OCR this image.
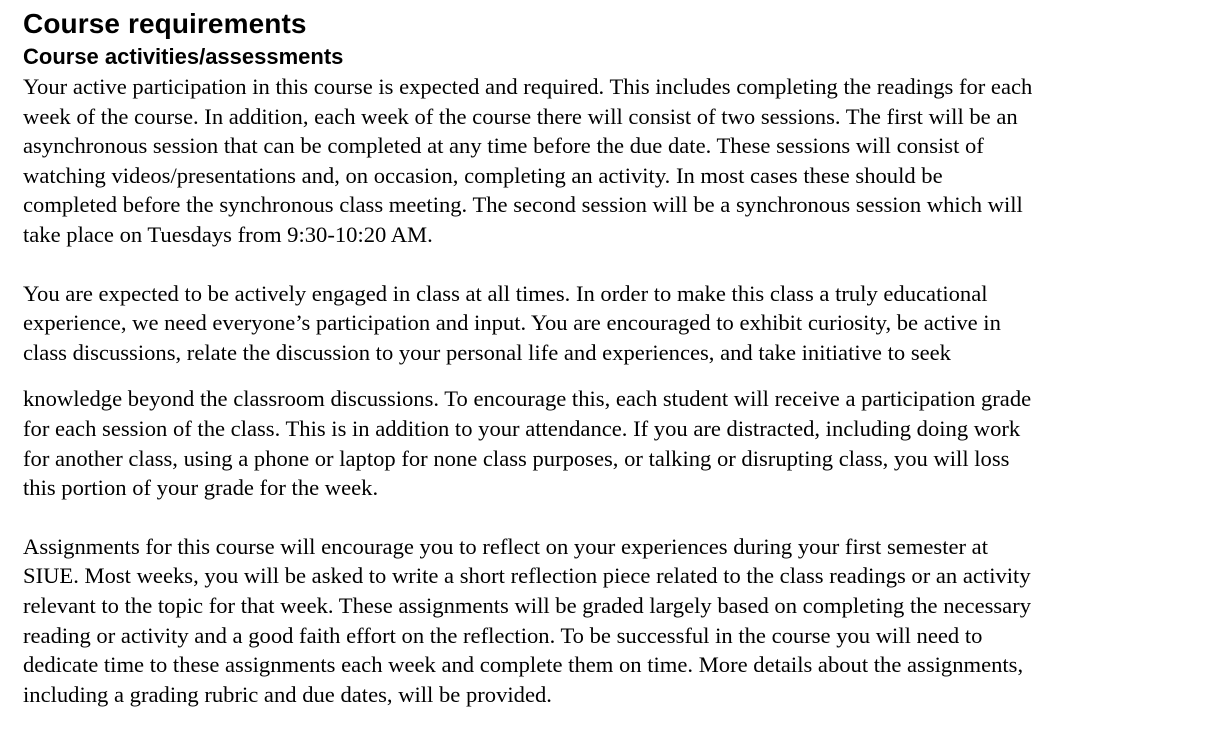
Course requirements
Course activities/assessments

Your active participation in this course is expected and required. This includes completing the readings for each
week of the course. In addition, each week of the course there will consist of two sessions. The first will be an
asynchronous session that can be completed at any time before the due date. These sessions will consist of
watching videos/presentations and, on occasion, completing an activity. In most cases these should be
completed before the synchronous class meeting. The second session will be a synchronous session which will
take place on Tuesdays from 9:30-10:20 AM.

You are expected to be actively engaged in class at all times. In order to make this class a truly educational
experience, we need everyone’s participation and input. You are encouraged to exhibit curiosity, be active in
class discussions, relate the discussion to your personal life and experiences, and take initiative to seek

knowledge beyond the classroom discussions. To encourage this, each student will receive a participation grade
for each session of the class. This is in addition to your attendance. If you are distracted, including doing work
for another class, using a phone or laptop for none class purposes, or talking or disrupting class, you will loss
this portion of your grade for the week.

Assignments for this course will encourage you to reflect on your experiences during your first semester at
SIUE. Most weeks, you will be asked to write a short reflection piece related to the class readings or an activity
relevant to the topic for that week. These assignments will be graded largely based on completing the necessary
reading or activity and a good faith effort on the reflection. To be successful in the course you will need to
dedicate time to these assignments each week and complete them on time. More details about the assignments,
including a grading rubric and due dates, will be provided.
